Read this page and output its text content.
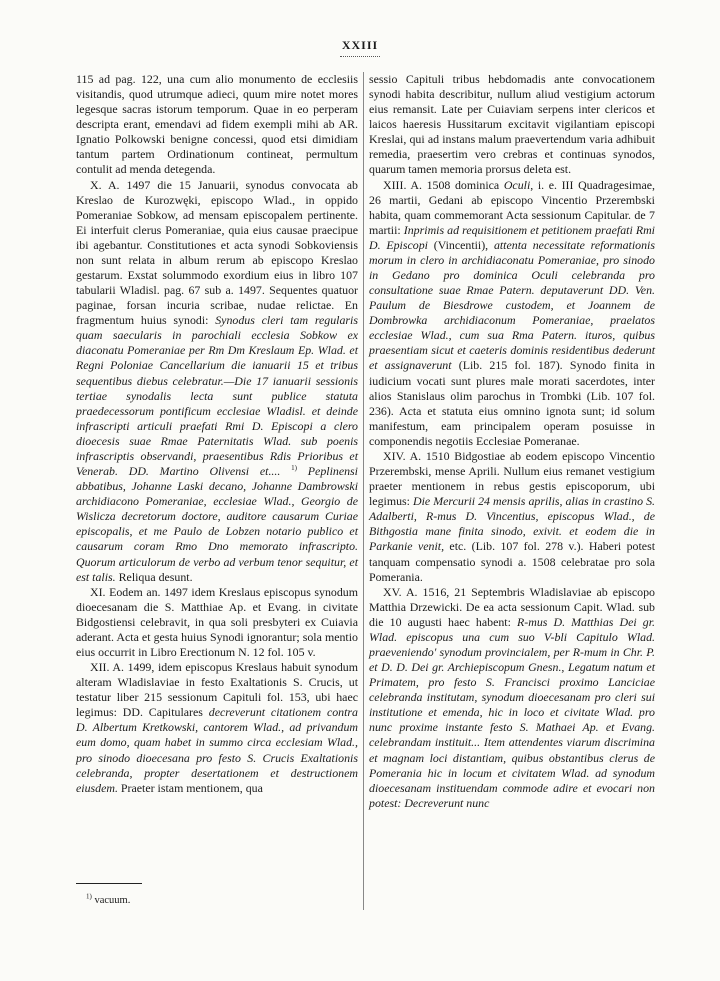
XXIII

115 ad pag. 122, una cum alio monumento de ecclesiis visitandis, quod utrumque adieci, quum mire notet mores legesque sacras istorum temporum. Quae in eo perperam descripta erant, emendavi ad fidem exempli mihi ab AR. Ignatio Polkowski benigne concessi, quod etsi dimidiam tantum partem Ordinationum contineat, permultum contulit ad menda detegenda.

X. A. 1497 die 15 Januarii, synodus convocata ab Kreslao de Kurozwęki, episcopo Wlad., in oppido Pomeraniae Sobkow, ad mensam episcopalem pertinente. Ei interfuit clerus Pomeraniae, quia eius causae praecipue ibi agebantur. Constitutiones et acta synodi Sobkoviensis non sunt relata in album rerum ab episcopo Kreslao gestarum. Exstat solummodo exordium eius in libro 107 tabularii Wladisl. pag. 67 sub a. 1497. Sequentes quatuor paginae, forsan incuria scribae, nudae relictae. En fragmentum huius synodi: Synodus cleri tam regularis quam saecularis in parochiali ecclesia Sobkow ex diaconatu Pomeraniae per Rm Dm Kreslaum Ep. Wlad. et Regni Poloniae Cancellarium die ianuarii 15 et tribus sequentibus diebus celebratur.—Die 17 ianuarii sessionis tertiae synodalis lecta sunt publice statuta praedecessorum pontificum ecclesiae Wladisl. et deinde infrascripti articuli praefati Rmi D. Episcopi a clero dioecesis suae Rmae Paternitatis Wlad. sub poenis infrascriptis observandi, praesentibus Rdis Prioribus et Venerab. DD. Martino Olivensi et.... $^{1)}$ Peplinensi abbatibus, Johanne Laski decano, Johanne Dambrowski archidiacono Pomeraniae, ecclesiae Wlad., Georgio de Wislicza decretorum doctore, auditore causarum Curiae episcopalis, et me Paulo de Lobzen notario publico et causarum coram Rmo Dno memorato infrascripto. Quorum articulorum de verbo ad verbum tenor sequitur, et est talis. Reliqua desunt.

XI. Eodem an. 1497 idem Kreslaus episcopus synodum dioecesanam die S. Matthiae Ap. et Evang. in civitate Bidgostiensi celebravit, in qua soli presbyteri ex Cuiavia aderant. Acta et gesta huius Synodi ignorantur; sola mentio eius occurrit in Libro Erectionum N. 12 fol. 105 v.

XII. A. 1499, idem episcopus Kreslaus habuit synodum alteram Wladislaviae in festo Exaltationis S. Crucis, ut testatur liber 215 sessionum Capituli fol. 153, ubi haec legimus: DD. Capitulares decreverunt citationem contra D. Albertum Kretkowski, cantorem Wlad., ad privandum eum domo, quam habet in summo circa ecclesiam Wlad., pro sinodo dioecesana pro festo S. Crucis Exaltationis celebranda, propter desertationem et destructionem eiusdem. Praeter istam mentionem, qua

sessio Capituli tribus hebdomadis ante convocationem synodi habita describitur, nullum aliud vestigium actorum eius remansit. Late per Cuiaviam serpens inter clericos et laicos haeresis Hussitarum excitavit vigilantiam episcopi Kreslai, qui ad instans malum praevertendum varia adhibuit remedia, praesertim vero crebras et continuas synodos, quarum tamen memoria prorsus deleta est.

XIII. A. 1508 dominica Oculi, i. e. III Quadragesimae, 26 martii, Gedani ab episcopo Vincentio Przerembski habita, quam commemorant Acta sessionum Capitular. de 7 martii: Inprimis ad requisitionem et petitionem praefati Rmi D. Episcopi (Vincentii), attenta necessitate reformationis morum in clero in archidiaconatu Pomeraniae, pro sinodo in Gedano pro dominica Oculi celebranda pro consultatione suae Rmae Patern. deputaverunt DD. Ven. Paulum de Biesdrowe custodem, et Joannem de Dombrowka archidiaconum Pomeraniae, praelatos ecclesiae Wlad., cum sua Rma Patern. ituros, quibus praesentiam sicut et caeteris dominis residentibus dederunt et assignaverunt (Lib. 215 fol. 187). Synodo finita in iudicium vocati sunt plures male morati sacerdotes, inter alios Stanislaus olim parochus in Trombki (Lib. 107 fol. 236). Acta et statuta eius omnino ignota sunt; id solum manifestum, eam principalem operam posuisse in componendis negotiis Ecclesiae Pomeranae.

XIV. A. 1510 Bidgostiae ab eodem episcopo Vincentio Przerembski, mense Aprili. Nullum eius remanet vestigium praeter mentionem in rebus gestis episcoporum, ubi legimus: Die Mercurii 24 mensis aprilis, alias in crastino S. Adalberti, R-mus D. Vincentius, episcopus Wlad., de Bithgostia mane finita sinodo, exivit. et eodem die in Parkanie venit, etc. (Lib. 107 fol. 278 v.). Haberi potest tanquam compensatio synodi a. 1508 celebratae pro sola Pomerania.

XV. A. 1516, 21 Septembris Wladislaviae ab episcopo Matthia Drzewicki. De ea acta sessionum Capit. Wlad. sub die 10 augusti haec habent: R-mus D. Matthias Dei gr. Wlad. episcopus una cum suo V-bli Capitulo Wlad. praeveniendo' synodum provincialem, per R-mum in Chr. P. et D. D. Dei gr. Archiepiscopum Gnesn., Legatum natum et Primatem, pro festo S. Francisci proximo Lanciciae celebranda institutam, synodum dioecesanam pro cleri sui institutione et emenda, hic in loco et civitate Wlad. pro nunc proxime instante festo S. Mathaei Ap. et Evang. celebrandam instituit... Item attendentes viarum discrimina et magnam loci distantiam, quibus obstantibus clerus de Pomerania hic in locum et civitatem Wlad. ad synodum dioecesanam instituendam commode adire et evocari non potest: Decreverunt nunc

$^{1)}$ vacuum.
